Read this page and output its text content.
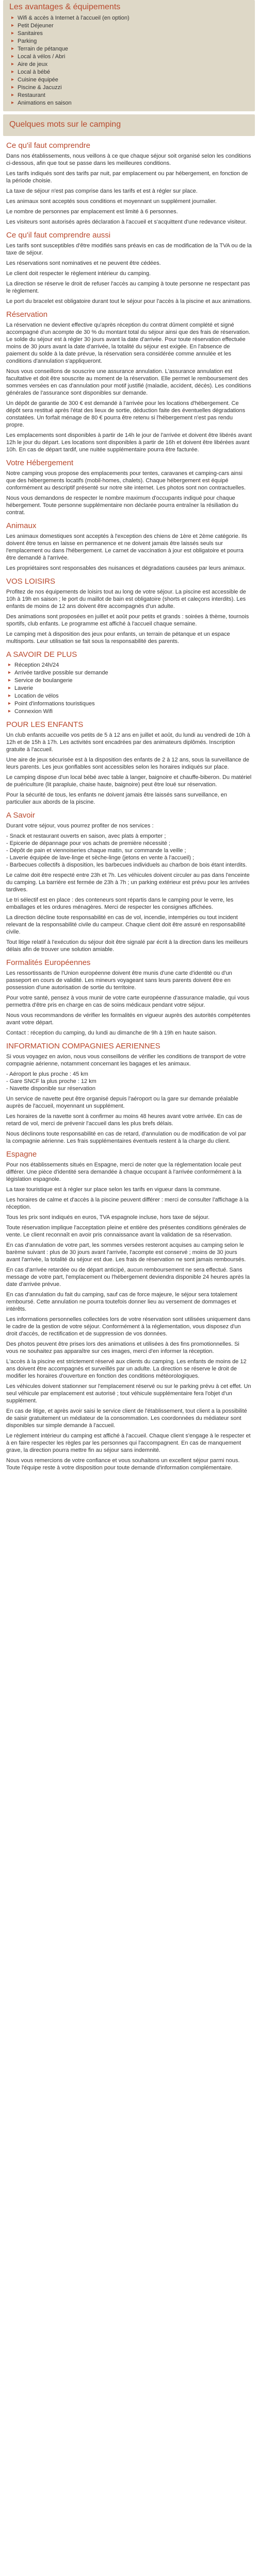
Les avantages & équipements
▸ Wifi & accès à Internet à l'accueil (en option)
▸ Petit Déjeuner
▸ Sanitaires
▸ Parking
▸ Terrain de pétanque
▸ Local à vélos / Abri
▸ Aire de jeux
▸ Local à bébé
▸ Cuisine équipée
▸ Piscine & Jacuzzi
▸ Restaurant
▸ Animations en saison
Quelques mots sur le camping
Ce qu'il faut comprendre

Dans nos établissements, nous veillons à ce que chaque séjour soit organisé selon les conditions ci-dessous, afin que tout se passe dans les meilleures conditions.

Les tarifs indiqués sont des tarifs par nuit, par emplacement ou par hébergement, en fonction de la période choisie.

La taxe de séjour n'est pas comprise dans les tarifs et est à régler sur place.

Les animaux sont acceptés sous conditions et moyennant un supplément journalier.

Le nombre de personnes par emplacement est limité à 6 personnes.

Les visiteurs sont autorisés après déclaration à l'accueil et s'acquittent d'une redevance visiteur.

Ce qu'il faut comprendre aussi

Les tarifs sont susceptibles d'être modifiés sans préavis en cas de modification de la TVA ou de la taxe de séjour.

Les réservations sont nominatives et ne peuvent être cédées.

Le client doit respecter le règlement intérieur du camping.

La direction se réserve le droit de refuser l'accès au camping à toute personne ne respectant pas le règlement.

Le port du bracelet est obligatoire durant tout le séjour pour l'accès à la piscine et aux animations.

Réservation

La réservation ne devient effective qu'après réception du contrat dûment complété et signé accompagné d'un acompte de 30 % du montant total du séjour ainsi que des frais de réservation. Le solde du séjour est à régler 30 jours avant la date d'arrivée. Pour toute réservation effectuée moins de 30 jours avant la date d'arrivée, la totalité du séjour est exigée. En l'absence de paiement du solde à la date prévue, la réservation sera considérée comme annulée et les conditions d'annulation s'appliqueront.

Nous vous conseillons de souscrire une assurance annulation. L'assurance annulation est facultative et doit être souscrite au moment de la réservation. Elle permet le remboursement des sommes versées en cas d'annulation pour motif justifié (maladie, accident, décès). Les conditions générales de l'assurance sont disponibles sur demande.

Un dépôt de garantie de 300 € est demandé à l'arrivée pour les locations d'hébergement. Ce dépôt sera restitué après l'état des lieux de sortie, déduction faite des éventuelles dégradations constatées. Un forfait ménage de 80 € pourra être retenu si l'hébergement n'est pas rendu propre.

Les emplacements sont disponibles à partir de 14h le jour de l'arrivée et doivent être libérés avant 12h le jour du départ. Les locations sont disponibles à partir de 16h et doivent être libérées avant 10h. En cas de départ tardif, une nuitée supplémentaire pourra être facturée.

Votre Hébergement

Notre camping vous propose des emplacements pour tentes, caravanes et camping-cars ainsi que des hébergements locatifs (mobil-homes, chalets). Chaque hébergement est équipé conformément au descriptif présenté sur notre site internet. Les photos sont non contractuelles.

Nous vous demandons de respecter le nombre maximum d'occupants indiqué pour chaque hébergement. Toute personne supplémentaire non déclarée pourra entraîner la résiliation du contrat.

Animaux

Les animaux domestiques sont acceptés à l'exception des chiens de 1ère et 2ème catégorie. Ils doivent être tenus en laisse en permanence et ne doivent jamais être laissés seuls sur l'emplacement ou dans l'hébergement. Le carnet de vaccination à jour est obligatoire et pourra être demandé à l'arrivée.

Les propriétaires sont responsables des nuisances et dégradations causées par leurs animaux.

VOS LOISIRS

Profitez de nos équipements de loisirs tout au long de votre séjour. La piscine est accessible de 10h à 19h en saison ; le port du maillot de bain est obligatoire (shorts et caleçons interdits). Les enfants de moins de 12 ans doivent être accompagnés d'un adulte.

Des animations sont proposées en juillet et août pour petits et grands : soirées à thème, tournois sportifs, club enfants. Le programme est affiché à l'accueil chaque semaine.

Le camping met à disposition des jeux pour enfants, un terrain de pétanque et un espace multisports. Leur utilisation se fait sous la responsabilité des parents.

A SAVOIR DE PLUS
▸ Réception 24h/24
▸ Arrivée tardive possible sur demande
▸ Service de boulangerie
▸ Laverie
▸ Location de vélos
▸ Point d'informations touristiques
▸ Connexion Wifi
POUR LES ENFANTS

Un club enfants accueille vos petits de 5 à 12 ans en juillet et août, du lundi au vendredi de 10h à 12h et de 15h à 17h. Les activités sont encadrées par des animateurs diplômés. Inscription gratuite à l'accueil.

Une aire de jeux sécurisée est à la disposition des enfants de 2 à 12 ans, sous la surveillance de leurs parents. Les jeux gonflables sont accessibles selon les horaires indiqués sur place.

Le camping dispose d'un local bébé avec table à langer, baignoire et chauffe-biberon. Du matériel de puériculture (lit parapluie, chaise haute, baignoire) peut être loué sur réservation.

Pour la sécurité de tous, les enfants ne doivent jamais être laissés sans surveillance, en particulier aux abords de la piscine.

A Savoir

Durant votre séjour, vous pourrez profiter de nos services :

- Snack et restaurant ouverts en saison, avec plats à emporter ;

- Epicerie de dépannage pour vos achats de première nécessité ;

- Dépôt de pain et viennoiseries chaque matin, sur commande la veille ;

- Laverie équipée de lave-linge et sèche-linge (jetons en vente à l'accueil) ;

- Barbecues collectifs à disposition, les barbecues individuels au charbon de bois étant interdits.

Le calme doit être respecté entre 23h et 7h. Les véhicules doivent circuler au pas dans l'enceinte du camping. La barrière est fermée de 23h à 7h ; un parking extérieur est prévu pour les arrivées tardives.

Le tri sélectif est en place : des conteneurs sont répartis dans le camping pour le verre, les emballages et les ordures ménagères. Merci de respecter les consignes affichées.

La direction décline toute responsabilité en cas de vol, incendie, intempéries ou tout incident relevant de la responsabilité civile du campeur. Chaque client doit être assuré en responsabilité civile.

Tout litige relatif à l'exécution du séjour doit être signalé par écrit à la direction dans les meilleurs délais afin de trouver une solution amiable.

Formalités Européennes

Les ressortissants de l'Union européenne doivent être munis d'une carte d'identité ou d'un passeport en cours de validité. Les mineurs voyageant sans leurs parents doivent être en possession d'une autorisation de sortie du territoire.

Pour votre santé, pensez à vous munir de votre carte européenne d'assurance maladie, qui vous permettra d'être pris en charge en cas de soins médicaux pendant votre séjour.

Nous vous recommandons de vérifier les formalités en vigueur auprès des autorités compétentes avant votre départ.

Contact : réception du camping, du lundi au dimanche de 9h à 19h en haute saison.

INFORMATION COMPAGNIES AERIENNES

Si vous voyagez en avion, nous vous conseillons de vérifier les conditions de transport de votre compagnie aérienne, notamment concernant les bagages et les animaux.

- Aéroport le plus proche : 45 km

- Gare SNCF la plus proche : 12 km

- Navette disponible sur réservation

Un service de navette peut être organisé depuis l'aéroport ou la gare sur demande préalable auprès de l'accueil, moyennant un supplément.

Les horaires de la navette sont à confirmer au moins 48 heures avant votre arrivée. En cas de retard de vol, merci de prévenir l'accueil dans les plus brefs délais.

Nous déclinons toute responsabilité en cas de retard, d'annulation ou de modification de vol par la compagnie aérienne. Les frais supplémentaires éventuels restent à la charge du client.

Espagne

Pour nos établissements situés en Espagne, merci de noter que la réglementation locale peut différer. Une pièce d'identité sera demandée à chaque occupant à l'arrivée conformément à la législation espagnole.

La taxe touristique est à régler sur place selon les tarifs en vigueur dans la commune.

Les horaires de calme et d'accès à la piscine peuvent différer : merci de consulter l'affichage à la réception.

Tous les prix sont indiqués en euros, TVA espagnole incluse, hors taxe de séjour.

Toute réservation implique l'acceptation pleine et entière des présentes conditions générales de vente. Le client reconnaît en avoir pris connaissance avant la validation de sa réservation.

En cas d'annulation de votre part, les sommes versées resteront acquises au camping selon le barème suivant : plus de 30 jours avant l'arrivée, l'acompte est conservé ; moins de 30 jours avant l'arrivée, la totalité du séjour est due. Les frais de réservation ne sont jamais remboursés.

En cas d'arrivée retardée ou de départ anticipé, aucun remboursement ne sera effectué. Sans message de votre part, l'emplacement ou l'hébergement deviendra disponible 24 heures après la date d'arrivée prévue.

En cas d'annulation du fait du camping, sauf cas de force majeure, le séjour sera totalement remboursé. Cette annulation ne pourra toutefois donner lieu au versement de dommages et intérêts.

Les informations personnelles collectées lors de votre réservation sont utilisées uniquement dans le cadre de la gestion de votre séjour. Conformément à la réglementation, vous disposez d'un droit d'accès, de rectification et de suppression de vos données.

Des photos peuvent être prises lors des animations et utilisées à des fins promotionnelles. Si vous ne souhaitez pas apparaître sur ces images, merci d'en informer la réception.

L'accès à la piscine est strictement réservé aux clients du camping. Les enfants de moins de 12 ans doivent être accompagnés et surveillés par un adulte. La direction se réserve le droit de modifier les horaires d'ouverture en fonction des conditions météorologiques.

Les véhicules doivent stationner sur l'emplacement réservé ou sur le parking prévu à cet effet. Un seul véhicule par emplacement est autorisé ; tout véhicule supplémentaire fera l'objet d'un supplément.

En cas de litige, et après avoir saisi le service client de l'établissement, tout client a la possibilité de saisir gratuitement un médiateur de la consommation. Les coordonnées du médiateur sont disponibles sur simple demande à l'accueil.

Le règlement intérieur du camping est affiché à l'accueil. Chaque client s'engage à le respecter et à en faire respecter les règles par les personnes qui l'accompagnent. En cas de manquement grave, la direction pourra mettre fin au séjour sans indemnité.

Nous vous remercions de votre confiance et vous souhaitons un excellent séjour parmi nous. Toute l'équipe reste à votre disposition pour toute demande d'information complémentaire.
